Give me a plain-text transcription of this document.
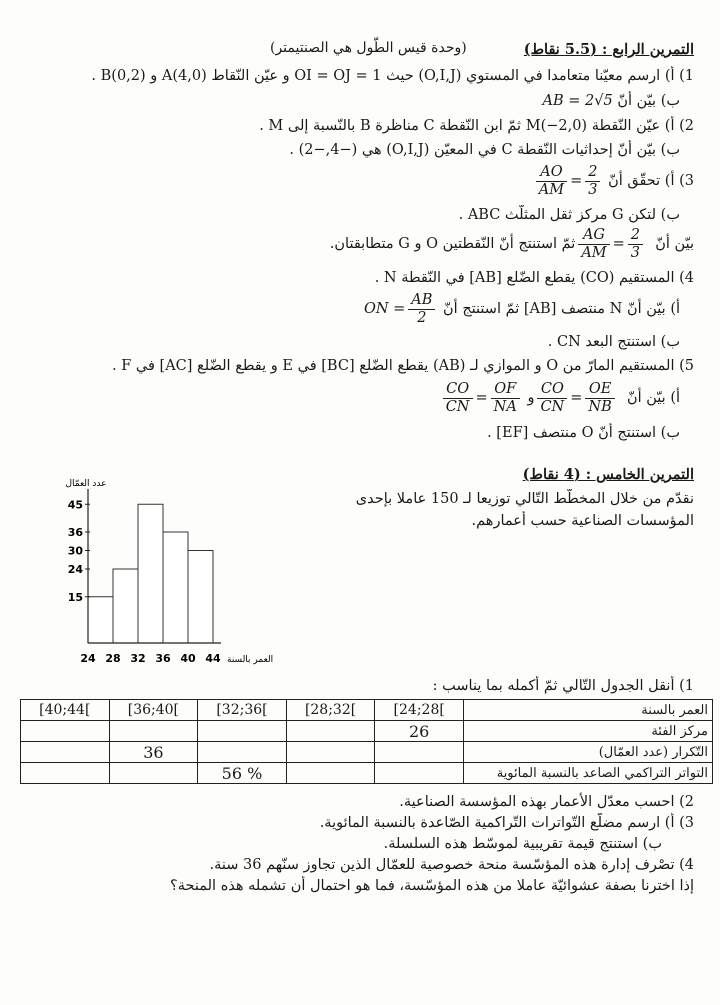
التمرين الرابع : (5.5 نقاط)
(وحدة قيس الطّول هي الصنتيمتر)
1) أ) ارسم معيّنا متعامدا في المستوي (O,I,J) حيث OI = OJ = 1 و عيّن النّقاط A(4,0) و B(0,2) .
ب) بيّن أنّ AB = 2√5
2) أ) عيّن النّقطة M(−2,0) ثمّ ابن النّقطة C مناظرة B بالنّسبة إلى M .
ب) بيّن أنّ إحداثيات النّقطة C في المعيّن (O,I,J) هي (−4,−2) .
3) أ) تحقّق أنّ
$\frac{AO}{AM} = \frac{2}{3}$
ب) لتكن G مركز ثقل المثلّث ABC .
بيّن أنّ
$\frac{AG}{AM} = \frac{2}{3}$
ثمّ استنتج أنّ النّقطتين O و G متطابقتان.
4) المستقيم (CO) يقطع الضّلع [AB] في النّقطة N .
أ) بيّن أنّ N منتصف [AB] ثمّ استنتج أنّ ON = $\frac{AB}{2}$
ب) استنتج البعد CN .
5) المستقيم المارّ من O و الموازي لـ (AB) يقطع الضّلع [BC] في E و يقطع الضّلع [AC] في F .
أ) بيّن أنّ
$\frac{CO}{CN} = \frac{OE}{NB}$
و
$\frac{CO}{CN} = \frac{OF}{NA}$
ب) استنتج أنّ O منتصف [EF] .
التمرين الخامس : (4 نقاط)
نقدّم من خلال المخطّط التّالي توزيعا لـ 150 عاملا بإحدى
المؤسسات الصناعية حسب أعمارهم.
عدد العمّال
15
24
30
36
45
24 28 32 36 40 44 العمر بالسنة
1) أنقل الجدول التّالي ثمّ أكمله بما يناسب :
[40;44[	[36;40[	[32;36[	[28;32[	[24;28[	العمر بالسنة
				26	مركز الفئة
	36				التّكرار (عدد العمّال)
		56 %			التواتر التراكمي الصاعد بالنسبة المائوية
2) احسب معدّل الأعمار بهذه المؤسسة الصناعية.
3) أ) ارسم مضلّع التّواترات التّراكمية الصّاعدة بالنسبة المائوية.
ب) استنتج قيمة تقريبية لموسّط هذه السلسلة.
4) تصْرف إدارة هذه المؤسّسة منحة خصوصية للعمّال الذين تجاوز سنّهم 36 سنة.
إذا اخترنا بصفة عشوائيّة عاملا من هذه المؤسّسة، فما هو احتمال أن تشمله هذه المنحة؟
